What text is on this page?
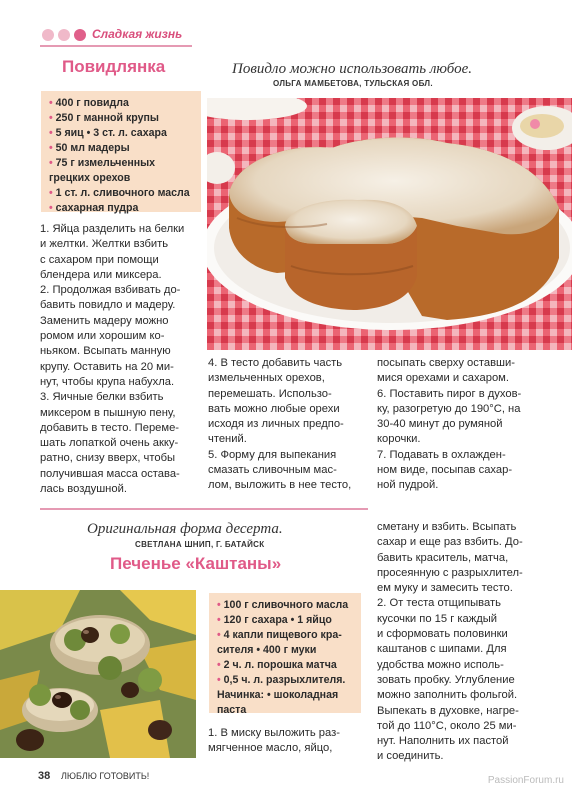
Сладкая жизнь
Повидлянка	Повидло можно использовать любое.
ОЛЬГА МАМБЕТОВА, ТУЛЬСКАЯ ОБЛ.
• 400 г повидла
• 250 г манной крупы
• 5 яиц • 3 ст. л. сахара
• 50 мл мадеры
• 75 г измельченных
грецких орехов
• 1 ст. л. сливочного масла
• сахарная пудра
1. Яйца разделить на белки
и желтки. Желтки взбить
с сахаром при помощи
блендера или миксера.
2. Продолжая взбивать до-
бавить повидло и мадеру.
Заменить мадеру можно
ромом или хорошим ко-
ньяком. Всыпать манную
крупу. Оставить на 20 ми-
нут, чтобы крупа набухла.
3. Яичные белки взбить
миксером в пышную пену,
добавить в тесто. Переме-
шать лопаткой очень акку-
ратно, снизу вверх, чтобы
получившая масса остава-
лась воздушной.
4. В тесто добавить часть
измельченных орехов,
перемешать. Использо-
вать можно любые орехи
исходя из личных предпо-
чтений.
5. Форму для выпекания
смазать сливочным мас-
лом, выложить в нее тесто,
посыпать сверху оставши-
мися орехами и сахаром.
6. Поставить пирог в духов-
ку, разогретую до 190°С, на
30-40 минут до румяной
корочки.
7. Подавать в охлажден-
ном виде, посыпав сахар-
ной пудрой.
Оригинальная форма десерта.
СВЕТЛАНА ШНИП, Г. БАТАЙСК
Печенье «Каштаны»
• 100 г сливочного масла
• 120 г сахара • 1 яйцо
• 4 капли пищевого кра-
сителя • 400 г муки
• 2 ч. л. порошка матча
• 0,5 ч. л. разрыхлителя.
Начинка: • шоколадная
паста
1. В миску выложить раз-
мягченное масло, яйцо,
сметану и взбить. Всыпать
сахар и еще раз взбить. До-
бавить краситель, матча,
просеянную с разрыхлител-
ем муку и замесить тесто.
2. От теста отщипывать
кусочки по 15 г каждый
и сформовать половинки
каштанов с шипами. Для
удобства можно исполь-
зовать пробку. Углубление
можно заполнить фольгой.
Выпекать в духовке, нагре-
той до 110°С, около 25 ми-
нут. Наполнить их пастой
и соединить.
38 ЛЮБЛЮ ГОТОВИТЬ!	PassionForum.ru
